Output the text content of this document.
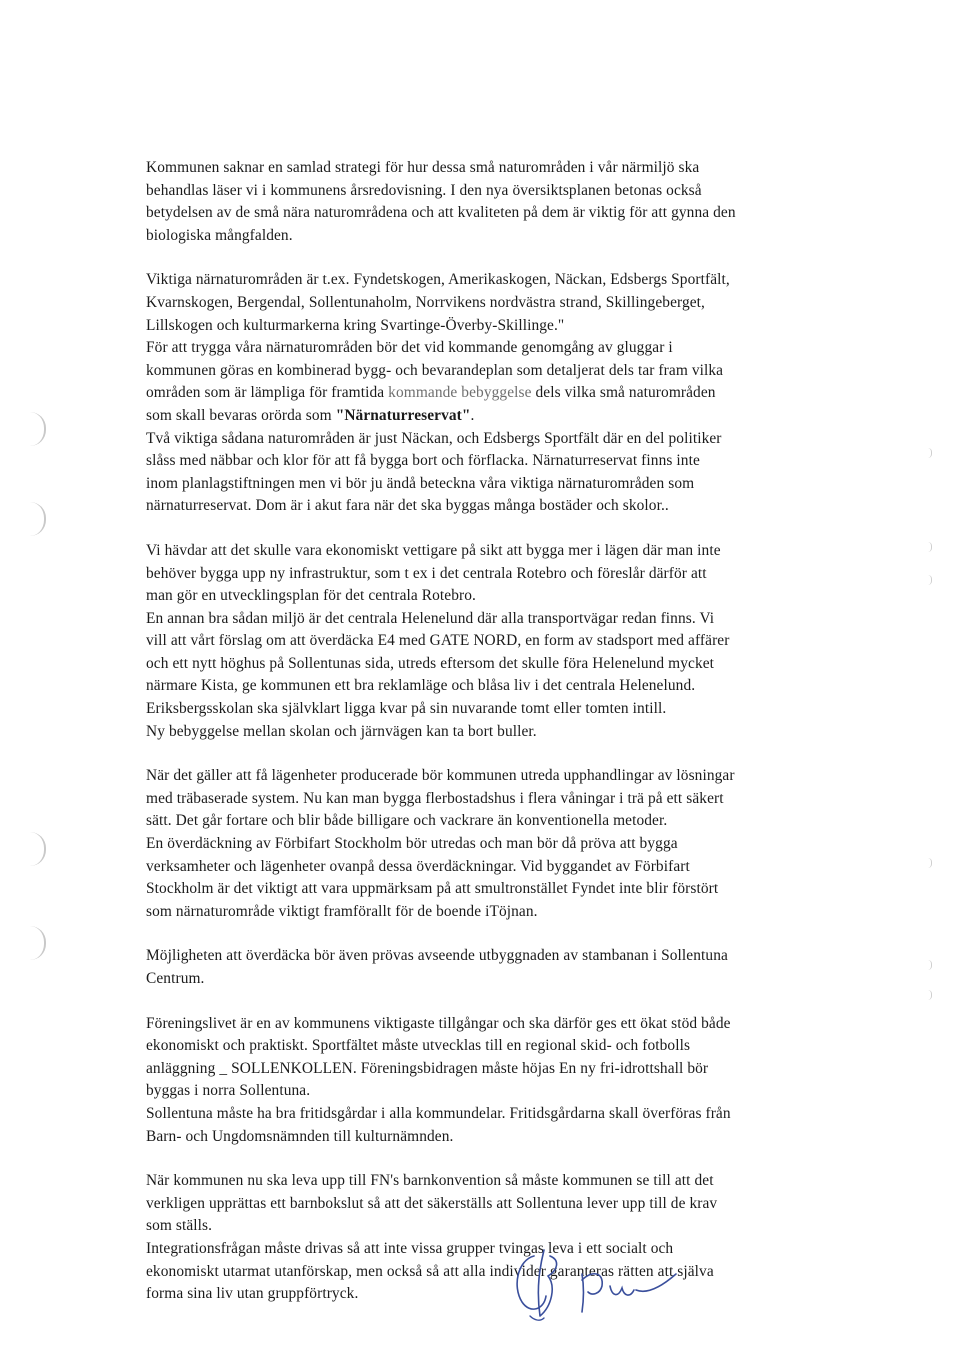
Kommunen saknar en samlad strategi för hur dessa små naturområden i vår närmiljö ska
behandlas läser vi i kommunens årsredovisning. I den nya översiktsplanen betonas också
betydelsen av de små nära naturområdena och att kvaliteten på dem är viktig för att gynna den
biologiska mångfalden.

Viktiga närnaturområden är t.ex. Fyndetskogen, Amerikaskogen, Näckan, Edsbergs Sportfält,
Kvarnskogen, Bergendal, Sollentunaholm, Norrvikens nordvästra strand, Skillingeberget,
Lillskogen och kulturmarkerna kring Svartinge-Överby-Skillinge."
För att trygga våra närnaturområden bör det vid kommande genomgång av gluggar i
kommunen göras en kombinerad bygg- och bevarandeplan som detaljerat dels tar fram vilka
områden som är lämpliga för framtida kommande bebyggelse dels vilka små naturområden
som skall bevaras orörda som "Närnaturreservat".
Två viktiga sådana naturområden är just Näckan, och Edsbergs Sportfält där en del politiker
slåss med näbbar och klor för att få bygga bort och förflacka. Närnaturreservat finns inte
inom planlagstiftningen men vi bör ju ändå beteckna våra viktiga närnaturområden som
närnaturreservat. Dom är i akut fara när det ska byggas många bostäder och skolor..

Vi hävdar att det skulle vara ekonomiskt vettigare på sikt att bygga mer i lägen där man inte
behöver bygga upp ny infrastruktur, som t ex i det centrala Rotebro och föreslår därför att
man gör en utvecklingsplan för det centrala Rotebro.
En annan bra sådan miljö är det centrala Helenelund där alla transportvägar redan finns. Vi
vill att vårt förslag om att överdäcka E4 med GATE NORD, en form av stadsport med affärer
och ett nytt höghus på Sollentunas sida, utreds eftersom det skulle föra Helenelund mycket
närmare Kista, ge kommunen ett bra reklamläge och blåsa liv i det centrala Helenelund.
Eriksbergsskolan ska självklart ligga kvar på sin nuvarande tomt eller tomten intill.
Ny bebyggelse mellan skolan och järnvägen kan ta bort buller.

När det gäller att få lägenheter producerade bör kommunen utreda upphandlingar av lösningar
med träbaserade system. Nu kan man bygga flerbostadshus i flera våningar i trä på ett säkert
sätt. Det går fortare och blir både billigare och vackrare än konventionella metoder.
En överdäckning av Förbifart Stockholm bör utredas och man bör då pröva att bygga
verksamheter och lägenheter ovanpå dessa överdäckningar. Vid byggandet av Förbifart
Stockholm är det viktigt att vara uppmärksam på att smultronstället Fyndet inte blir förstört
som närnaturområde viktigt framförallt för de boende iTöjnan.

Möjligheten att överdäcka bör även prövas avseende utbyggnaden av stambanan i Sollentuna
Centrum.

Föreningslivet är en av kommunens viktigaste tillgångar och ska därför ges ett ökat stöd både
ekonomiskt och praktiskt. Sportfältet måste utvecklas till en regional skid- och fotbolls
anläggning _ SOLLENKOLLEN. Föreningsbidragen måste höjas En ny fri-idrottshall bör
byggas i norra Sollentuna.
Sollentuna måste ha bra fritidsgårdar i alla kommundelar. Fritidsgårdarna skall överföras från
Barn- och Ungdomsnämnden till kulturnämnden.

När kommunen nu ska leva upp till FN's barnkonvention så måste kommunen se till att det
verkligen upprättas ett barnbokslut så att det säkerställs att Sollentuna lever upp till de krav
som ställs.
Integrationsfrågan måste drivas så att inte vissa grupper tvingas leva i ett socialt och
ekonomiskt utarmat utanförskap, men också så att alla individer garanteras rätten att själva
forma sina liv utan gruppförtryck.
